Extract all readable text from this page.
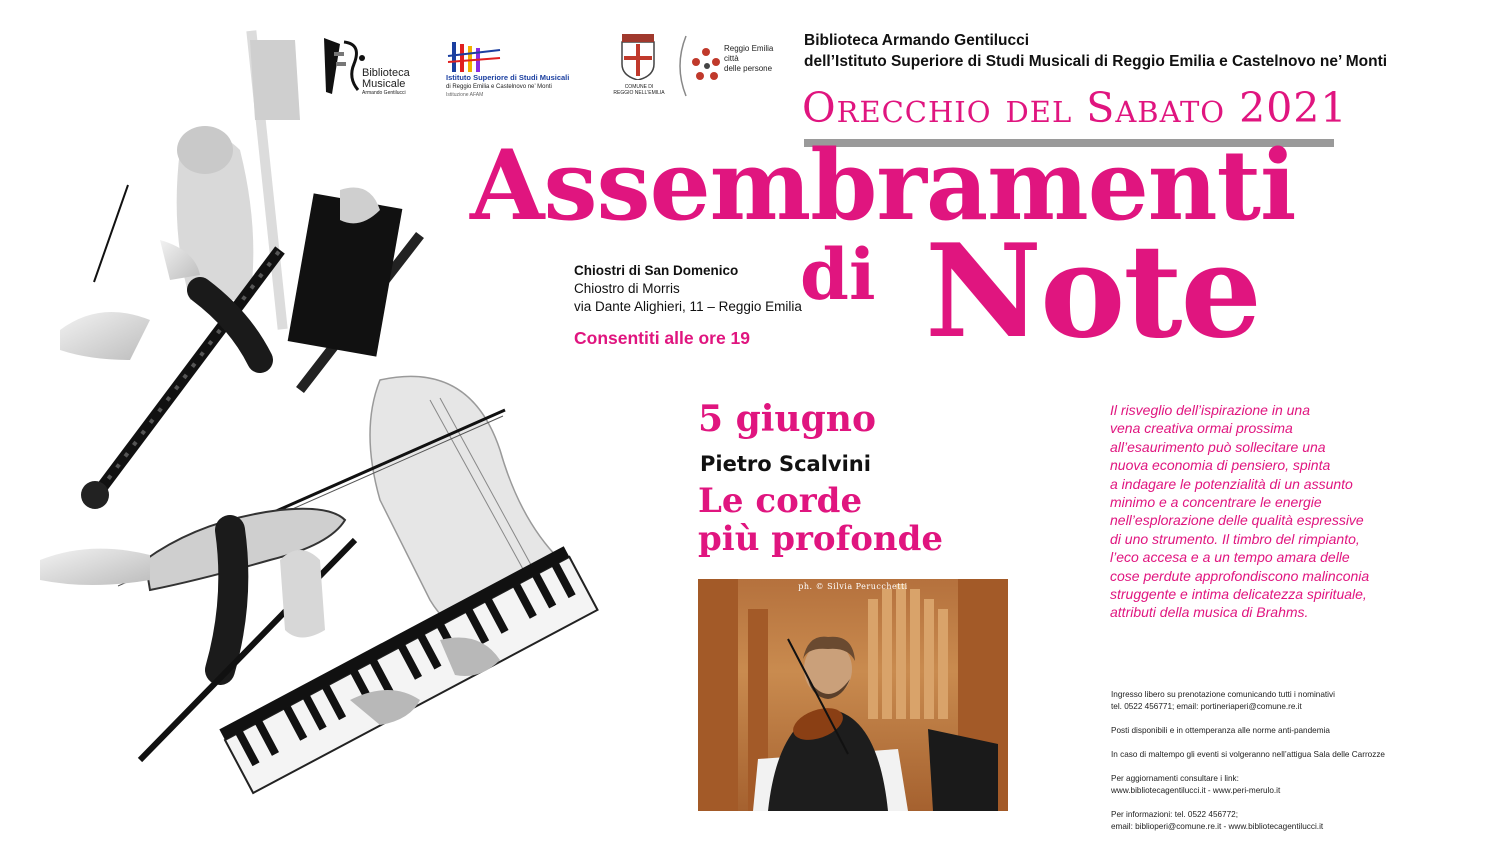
Biblioteca
Musicale
Armando Gentilucci
Istituto Superiore di Studi Musicali
di Reggio Emilia e Castelnovo ne’ Monti
Istituzione AFAM
COMUNE DI
REGGIO NELL'EMILIA
Reggio Emilia
città
delle persone
Biblioteca Armando Gentilucci
dell’Istituto Superiore di Studi Musicali di Reggio Emilia e Castelnovo ne’ Monti
Orecchio del Sabato 2021
Assembramenti
di Note
Chiostri di San Domenico
Chiostro di Morris
via Dante Alighieri, 11 – Reggio Emilia
Consentiti alle ore 19
5 giugno
Pietro Scalvini
Le corde
più profonde
ph. © Silvia Perucchetti

Il risveglio dell’ispirazione in una

vena creativa ormai prossima

all’esaurimento può sollecitare una

nuova economia di pensiero, spinta

a indagare le potenzialità di un assunto

minimo e a concentrare le energie

nell’esplorazione delle qualità espressive

di uno strumento. Il timbro del rimpianto,

l’eco accesa e a un tempo amara delle

cose perdute approfondiscono malinconia

struggente e intima delicatezza spirituale,

attributi della musica di Brahms.

Ingresso libero su prenotazione comunicando tutti i nominativi
tel. 0522 456771; email: portineriaperi@comune.re.it

Posti disponibili e in ottemperanza alle norme anti-pandemia

In caso di maltempo gli eventi si volgeranno nell’attigua Sala delle Carrozze

Per aggiornamenti consultare i link:
www.bibliotecagentilucci.it - www.peri-merulo.it

Per informazioni: tel. 0522 456772;
email: biblioperi@comune.re.it - www.bibliotecagentilucci.it
